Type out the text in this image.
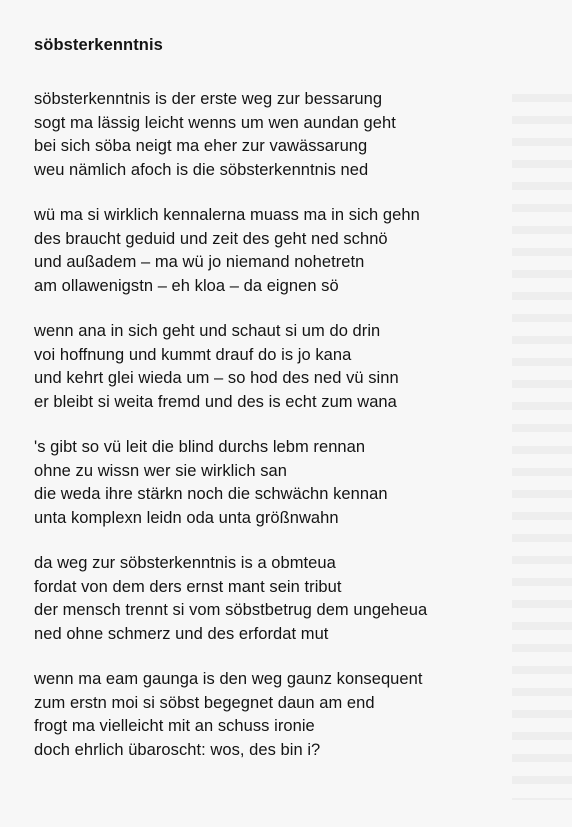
söbsterkenntnis
söbsterkenntnis is der erste weg zur bessarung
sogt ma lässig leicht wenns um wen aundan geht
bei sich söba neigt ma eher zur vawässarung
weu nämlich afoch is die söbsterkenntnis ned
wü ma si wirklich kennalerna muass ma in sich gehn
des braucht geduid und zeit des geht ned schnö
und außadem – ma wü jo niemand nohetretn
am ollawenigstn – eh kloa – da eignen sö
wenn ana in sich geht und schaut si um do drin
voi hoffnung und kummt drauf do is jo kana
und kehrt glei wieda um – so hod des ned vü sinn
er bleibt si weita fremd und des is echt zum wana
's gibt so vü leit die blind durchs lebm rennan
ohne zu wissn wer sie wirklich san
die weda ihre stärkn noch die schwächn kennan
unta komplexn leidn oda unta größnwahn
da weg zur söbsterkenntnis is a obmteua
fordat von dem ders ernst mant sein tribut
der mensch trennt si vom söbstbetrug dem ungeheua
ned ohne schmerz und des erfordat mut
wenn ma eam gaunga is den weg gaunz konsequent
zum erstn moi si söbst begegnet daun am end
frogt ma vielleicht mit an schuss ironie
doch ehrlich übaroscht: wos, des bin i?
